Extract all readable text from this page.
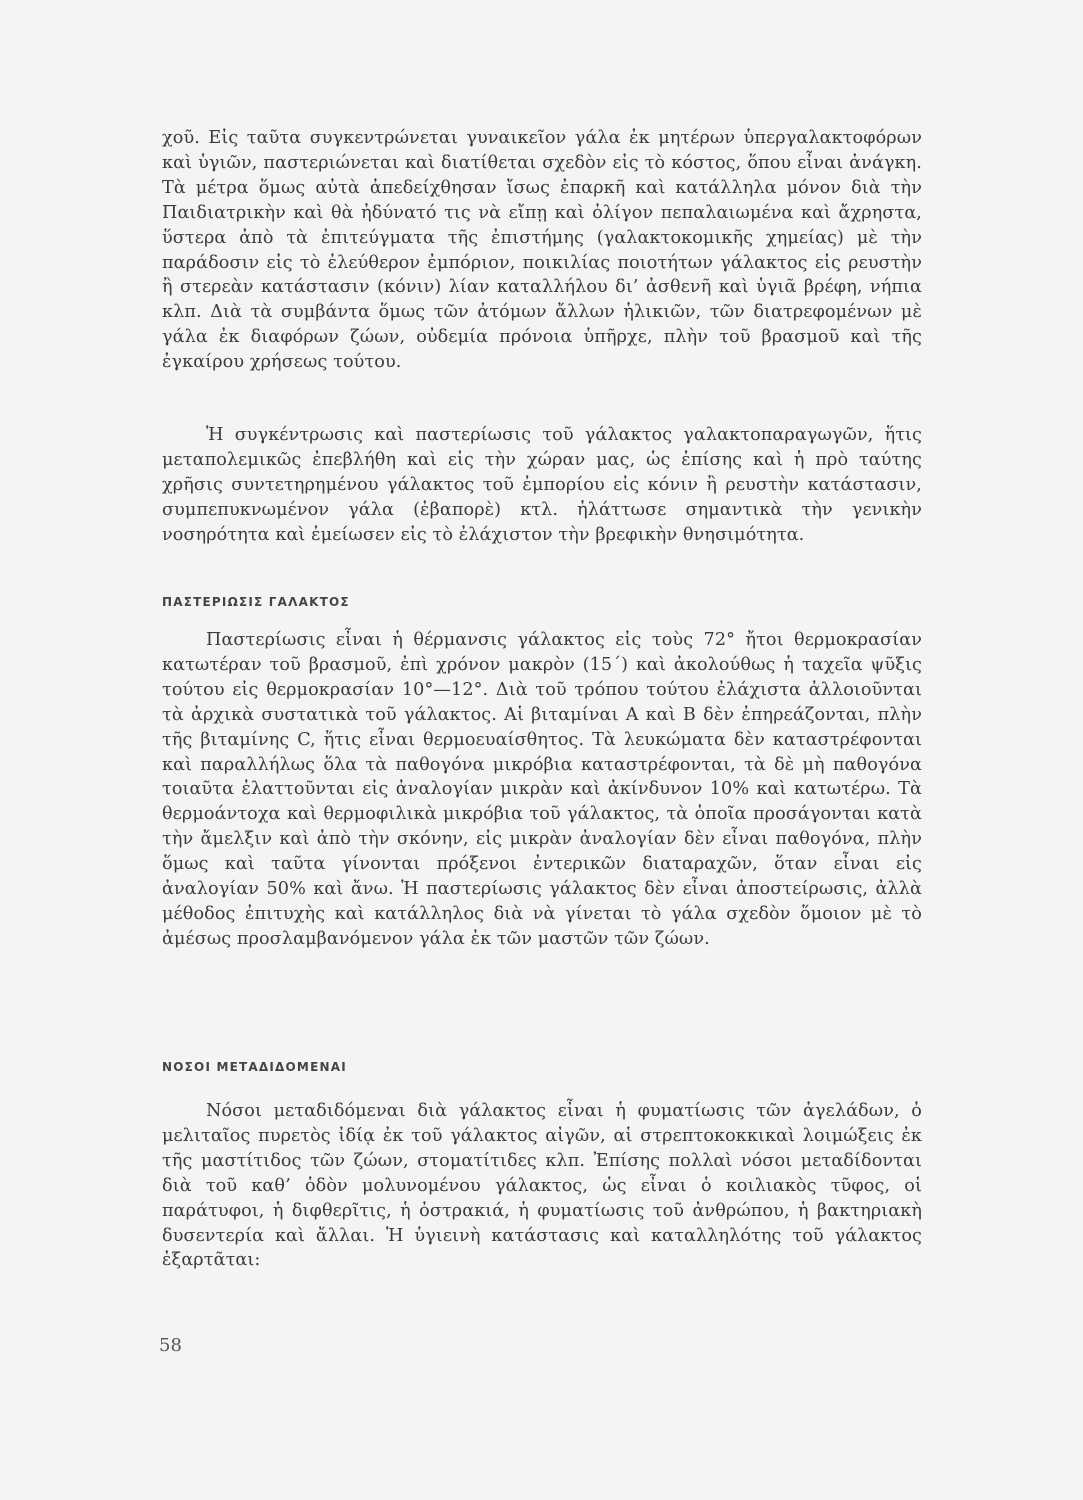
χοῦ. Εἰς ταῦτα συγκεντρώνεται γυναικεῖον γάλα ἐκ μητέρων ὑπεργαλακτοφόρων καὶ ὑγιῶν, παστεριώνεται καὶ διατίθεται σχεδὸν εἰς τὸ κόστος, ὅπου εἶναι ἀνάγκη. Τὰ μέτρα ὅμως αὐτὰ ἀπεδείχθησαν ἴσως ἐπαρκῆ καὶ κατάλληλα μόνον διὰ τὴν Παιδιατρικὴν καὶ θὰ ἠδύνατό τις νὰ εἴπῃ καὶ ὀλίγον πεπαλαιωμένα καὶ ἄχρηστα, ὕστερα ἀπὸ τὰ ἐπιτεύγματα τῆς ἐπιστήμης (γαλακτοκομικῆς χημείας) μὲ τὴν παράδοσιν εἰς τὸ ἐλεύθερον ἐμπόριον, ποικιλίας ποιοτήτων γάλακτος εἰς ρευστὴν ἢ στερεὰν κατάστασιν (κόνιν) λίαν καταλλήλου δι’ ἀσθενῆ καὶ ὑγιᾶ βρέφη, νήπια κλπ. Διὰ τὰ συμβάντα ὅμως τῶν ἀτόμων ἄλλων ἡλικιῶν, τῶν διατρεφομένων μὲ γάλα ἐκ διαφόρων ζώων, οὐδεμία πρόνοια ὑπῆρχε, πλὴν τοῦ βρασμοῦ καὶ τῆς ἐγκαίρου χρήσεως τούτου.

Ἡ συγκέντρωσις καὶ παστερίωσις τοῦ γάλακτος γαλακτοπαραγωγῶν, ἥτις μεταπολεμικῶς ἐπεβλήθη καὶ εἰς τὴν χώραν μας, ὡς ἐπίσης καὶ ἡ πρὸ ταύτης χρῆσις συντετηρημένου γάλακτος τοῦ ἐμπορίου εἰς κόνιν ἢ ρευστὴν κατάστασιν, συμπεπυκνωμένον γάλα (ἐβαπορὲ) κτλ. ἠλάττωσε σημαντικὰ τὴν γενικὴν νοσηρότητα καὶ ἐμείωσεν εἰς τὸ ἐλάχιστον τὴν βρεφικὴν θνησιμότητα.

ΠΑΣΤΕΡΙΩΣΙΣ ΓΑΛΑΚΤΟΣ

Παστερίωσις εἶναι ἡ θέρμανσις γάλακτος εἰς τοὺς 72° ἤτοι θερμοκρασίαν κατωτέραν τοῦ βρασμοῦ, ἐπὶ χρόνον μακρὸν (15΄) καὶ ἀκολούθως ἡ ταχεῖα ψῦξις τούτου εἰς θερμοκρασίαν 10°—12°. Διὰ τοῦ τρόπου τούτου ἐλάχιστα ἀλλοιοῦνται τὰ ἀρχικὰ συστατικὰ τοῦ γάλακτος. Αἱ βιταμίναι Α καὶ Β δὲν ἐπηρεάζονται, πλὴν τῆς βιταμίνης C, ἥτις εἶναι θερμοευαίσθητος. Τὰ λευκώματα δὲν καταστρέφονται καὶ παραλλήλως ὅλα τὰ παθογόνα μικρόβια καταστρέφονται, τὰ δὲ μὴ παθογόνα τοιαῦτα ἐλαττοῦνται εἰς ἀναλογίαν μικρὰν καὶ ἀκίνδυνον 10% καὶ κατωτέρω. Τὰ θερμοάντοχα καὶ θερμοφιλικὰ μικρόβια τοῦ γάλακτος, τὰ ὁποῖα προσάγονται κατὰ τὴν ἄμελξιν καὶ ἀπὸ τὴν σκόνην, εἰς μικρὰν ἀναλογίαν δὲν εἶναι παθογόνα, πλὴν ὅμως καὶ ταῦτα γίνονται πρόξενοι ἐντερικῶν διαταραχῶν, ὅταν εἶναι εἰς ἀναλογίαν 50% καὶ ἄνω. Ἡ παστερίωσις γάλακτος δὲν εἶναι ἀποστείρωσις, ἀλλὰ μέθοδος ἐπιτυχὴς καὶ κατάλληλος διὰ νὰ γίνεται τὸ γάλα σχεδὸν ὅμοιον μὲ τὸ ἀμέσως προσλαμβανόμενον γάλα ἐκ τῶν μαστῶν τῶν ζώων.

ΝΟΣΟΙ ΜΕΤΑΔΙΔΟΜΕΝΑΙ

Νόσοι μεταδιδόμεναι διὰ γάλακτος εἶναι ἡ φυματίωσις τῶν ἀγελάδων, ὁ μελιταῖος πυρετὸς ἰδίᾳ ἐκ τοῦ γάλακτος αἰγῶν, αἱ στρεπτοκοκκικαὶ λοιμώξεις ἐκ τῆς μαστίτιδος τῶν ζώων, στοματίτιδες κλπ. Ἐπίσης πολλαὶ νόσοι μεταδίδονται διὰ τοῦ καθ’ ὁδὸν μολυνομένου γάλακτος, ὡς εἶναι ὁ κοιλιακὸς τῦφος, οἱ παράτυφοι, ἡ διφθερῖτις, ἡ ὀστρακιά, ἡ φυματίωσις τοῦ ἀνθρώπου, ἡ βακτηριακὴ δυσεντερία καὶ ἄλλαι. Ἡ ὑγιεινὴ κατάστασις καὶ καταλληλότης τοῦ γάλακτος ἐξαρτᾶται:

58
